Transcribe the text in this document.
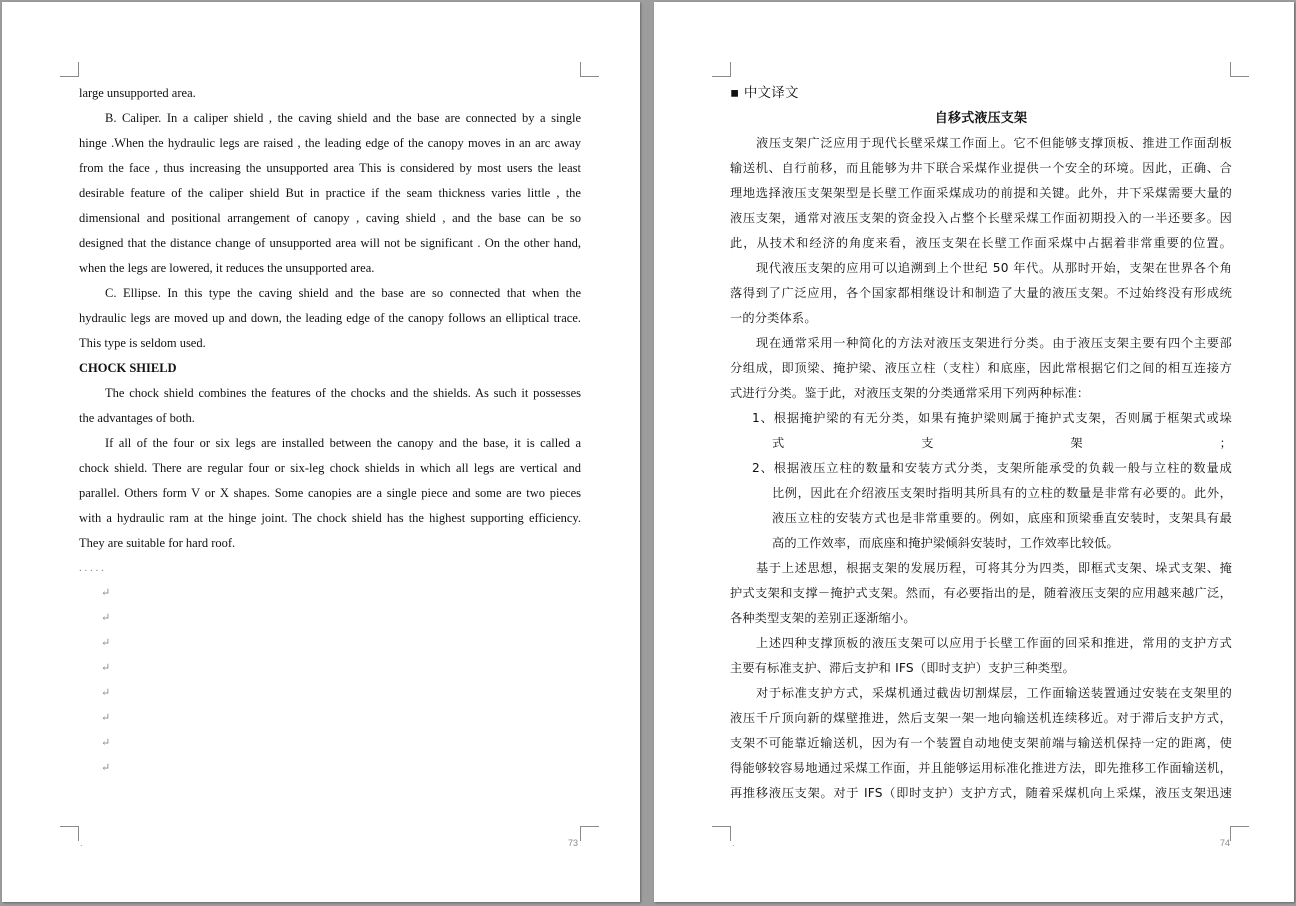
large unsupported area.
B. Caliper. In a caliper shield , the caving shield and the base are connected by a single
hinge .When the hydraulic legs are raised , the leading edge of the canopy moves in an arc away
from the face , thus increasing the unsupported area This is considered by most users the least
desirable feature of the caliper shield But in practice if the seam thickness varies little , the
dimensional and positional arrangement of canopy , caving shield , and the base can be so
designed that the distance change of unsupported area will not be significant . On the other hand,
when the legs are lowered, it reduces the unsupported area.
C. Ellipse. In this type the caving shield and the base are so connected that when the
hydraulic legs are moved up and down, the leading edge of the canopy follows an elliptical trace.
This type is seldom used.
CHOCK SHIELD
The chock shield combines the features of the chocks and the shields. As such it possesses
the advantages of both.
If all of the four or six legs are installed between the canopy and the base, it is called a
chock shield. There are regular four or six-leg chock shields in which all legs are vertical and
parallel. Others form V or X shapes. Some canopies are a single piece and some are two pieces
with a hydraulic ram at the hinge joint. The chock shield has the highest supporting efficiency.
They are suitable for hard roof.
. . . . .
↵
↵
↵
↵
↵
↵
↵
↵
.	73
▪ 中文译文
自移式液压支架
液压支架广泛应用于现代长壁采煤工作面上。它不但能够支撑顶板、推进工作面刮板
输送机、自行前移，而且能够为井下联合采煤作业提供一个安全的环境。因此，正确、合
理地选择液压支架架型是长壁工作面采煤成功的前提和关键。此外，井下采煤需要大量的
液压支架，通常对液压支架的资金投入占整个长壁采煤工作面初期投入的一半还要多。因
此，从技术和经济的角度来看，液压支架在长壁工作面采煤中占据着非常重要的位置。
现代液压支架的应用可以追溯到上个世纪 50 年代。从那时开始，支架在世界各个角
落得到了广泛应用，各个国家都相继设计和制造了大量的液压支架。不过始终没有形成统
一的分类体系。
现在通常采用一种简化的方法对液压支架进行分类。由于液压支架主要有四个主要部
分组成，即顶梁、掩护梁、液压立柱（支柱）和底座，因此常根据它们之间的相互连接方
式进行分类。鉴于此，对液压支架的分类通常采用下列两种标准：
1、根据掩护梁的有无分类，如果有掩护梁则属于掩护式支架，否则属于框架式或垛
式支架；
2、根据液压立柱的数量和安装方式分类，支架所能承受的负载一般与立柱的数量成
比例，因此在介绍液压支架时指明其所具有的立柱的数量是非常有必要的。此外，
液压立柱的安装方式也是非常重要的。例如，底座和顶梁垂直安装时，支架具有最
高的工作效率，而底座和掩护梁倾斜安装时，工作效率比较低。
基于上述思想，根据支架的发展历程，可将其分为四类，即框式支架、垛式支架、掩
护式支架和支撑－掩护式支架。然而，有必要指出的是，随着液压支架的应用越来越广泛，
各种类型支架的差别正逐渐缩小。
上述四种支撑顶板的液压支架可以应用于长壁工作面的回采和推进，常用的支护方式
主要有标准支护、滞后支护和 IFS（即时支护）支护三种类型。
对于标准支护方式，采煤机通过截齿切割煤层，工作面输送装置通过安装在支架里的
液压千斤顶向新的煤壁推进，然后支架一架一地向输送机连续移近。对于滞后支护方式，
支架不可能靠近输送机，因为有一个装置自动地使支架前端与输送机保持一定的距离，使
得能够较容易地通过采煤工作面，并且能够运用标准化推进方法，即先推移工作面输送机，
再推移液压支架。对于 IFS（即时支护）支护方式，随着采煤机向上采煤，液压支架迅速
.	74
